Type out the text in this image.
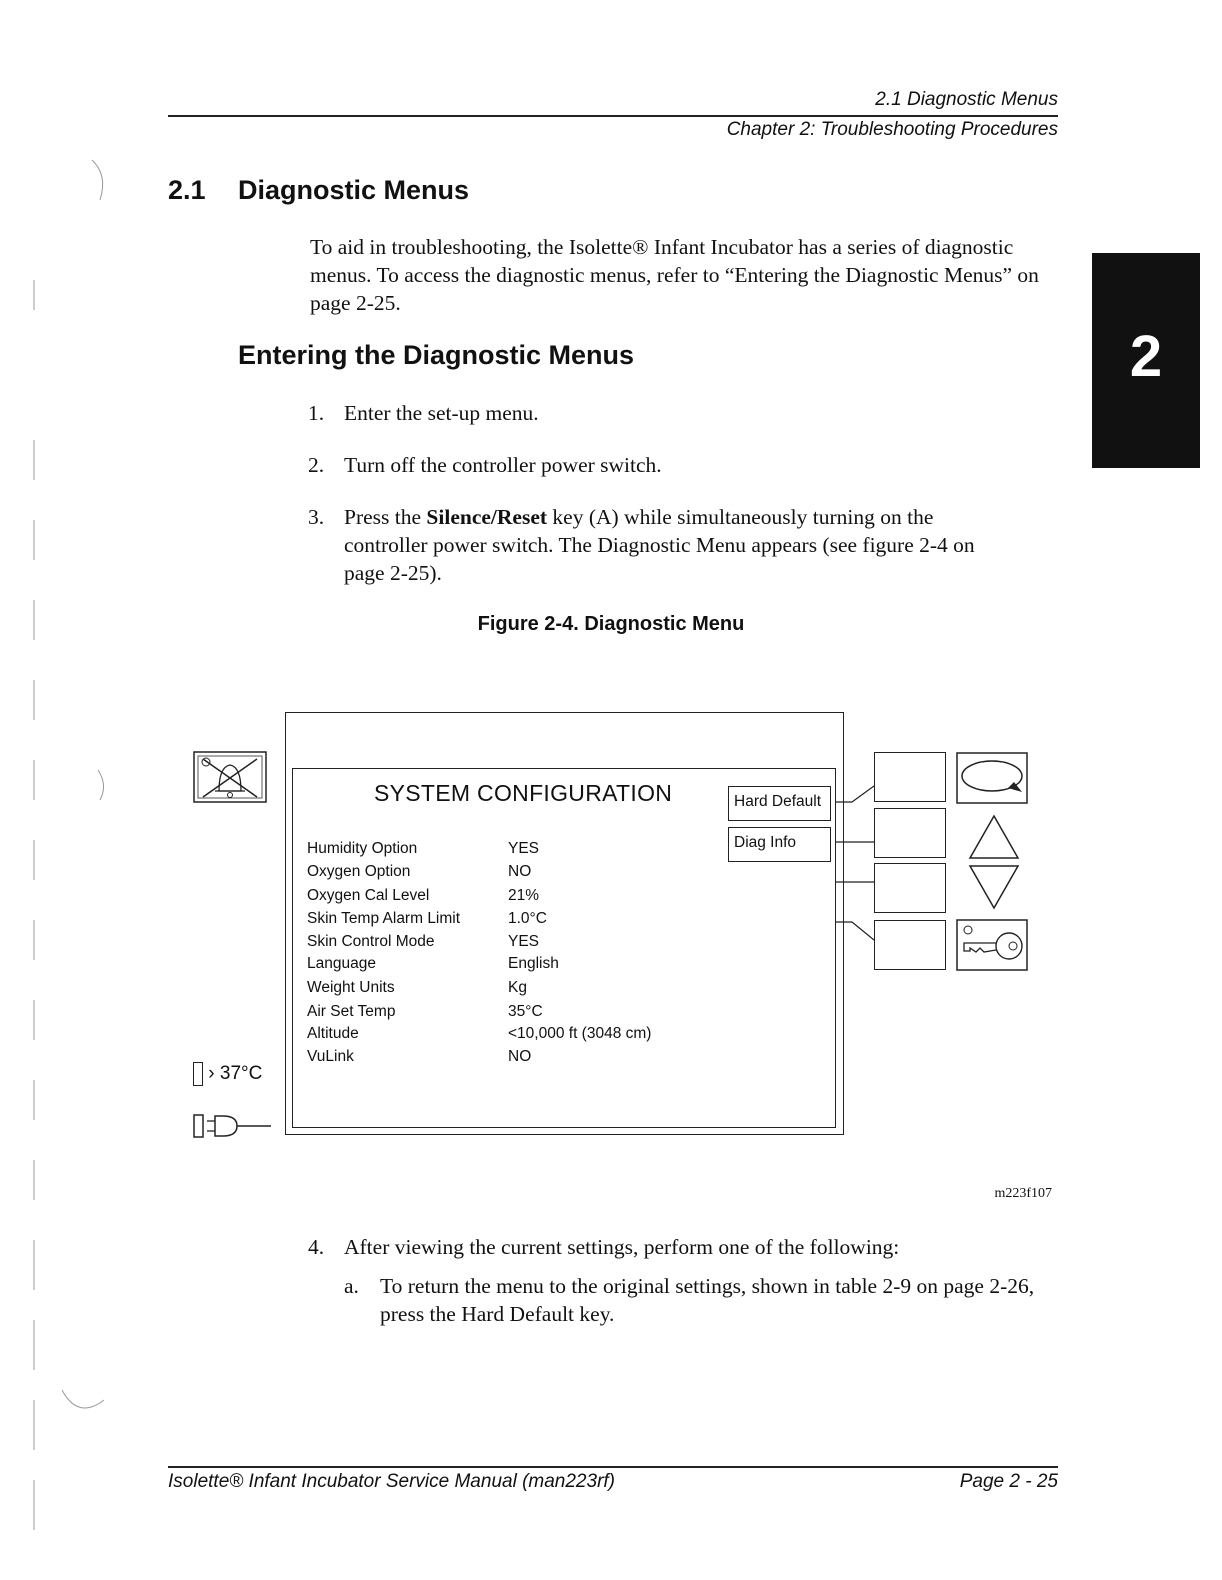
2.1 Diagnostic Menus
Chapter 2: Troubleshooting Procedures
2
2.1 Diagnostic Menus
To aid in troubleshooting, the Isolette® Infant Incubator has a series of diagnostic menus. To access the diagnostic menus, refer to “Entering the Diagnostic Menus” on page 2-25.
Entering the Diagnostic Menus
1. Enter the set-up menu.
2. Turn off the controller power switch.
3. Press the Silence/Reset key (A) while simultaneously turning on the controller power switch. The Diagnostic Menu appears (see figure 2-4 on page 2-25).
Figure 2-4. Diagnostic Menu
› 37°C
SYSTEM CONFIGURATION
Humidity Option	YES
Oxygen Option	NO
Oxygen Cal Level	21%
Skin Temp Alarm Limit	1.0°C
Skin Control Mode	YES
Language	English
Weight Units	Kg
Air Set Temp	35°C
Altitude	<10,000 ft (3048 cm)
VuLink	NO
Hard Default
Diag Info
m223f107
4. After viewing the current settings, perform one of the following:
a. To return the menu to the original settings, shown in table 2-9 on page 2-26, press the Hard Default key.
Isolette® Infant Incubator Service Manual (man223rf)	Page 2 - 25
